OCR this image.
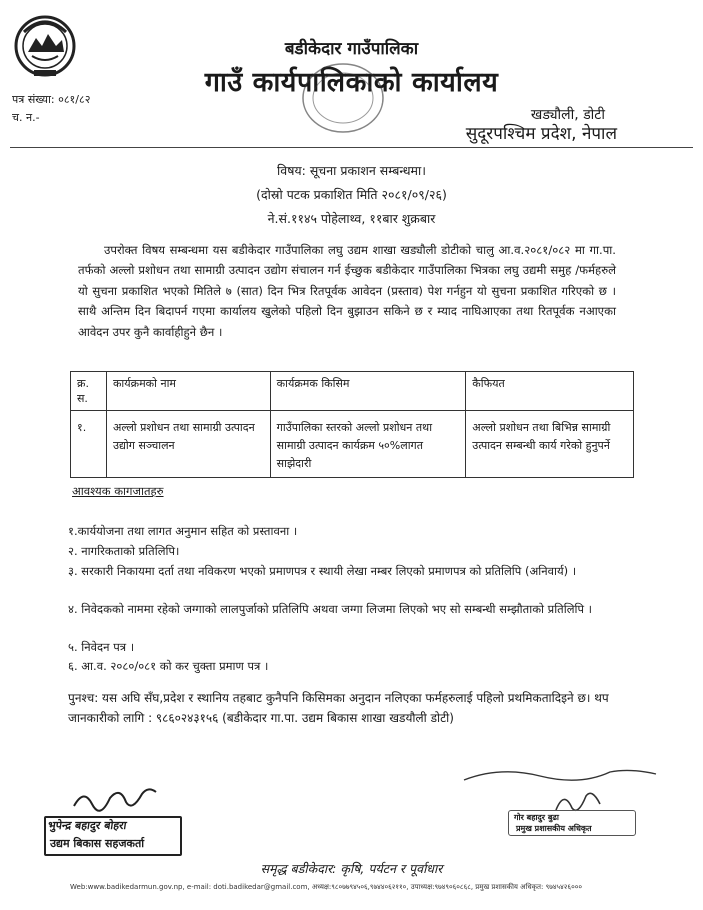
बडीकेदार गाउँपालिका
गाउँ कार्यपालिकाको कार्यालय
खड्यौली, डोटी
सुदूरपश्चिम प्रदेश, नेपाल
पत्र संख्या: ०८१/८२
च. न.-
विषय: सूचना प्रकाशन सम्बन्धमा।
(दोस्रो पटक प्रकाशित मिति २०८१/०९/२६)
ने.सं.११४५ पोहेलाथ्व, ११बार शुक्रबार
उपरोक्त विषय सम्बन्धमा यस बडीकेदार गाउँपालिका लघु उद्यम शाखा खड्यौली डोटीको चालु आ.व.२०८१/०८२ मा गा.पा. तर्फको अल्लो प्रशोधन तथा सामाग्री उत्पादन उद्योग संचालन गर्न ईच्छुक बडीकेदार गाउँपालिका भित्रका लघु उद्यमी समुह /फर्महरुले यो सुचना प्रकाशित भएको मितिले ७ (सात) दिन भित्र रितपूर्वक आवेदन (प्रस्ताव) पेश गर्नहुन यो सुचना प्रकाशित गरिएको छ । साथै अन्तिम दिन बिदापर्न गएमा कार्यालय खुलेको पहिलो दिन बुझाउन सकिने छ र म्याद नाघिआएका तथा रितपूर्वक नआएका आवेदन उपर कुनै कार्वाहीहुने छैन ।
क्र. स.	कार्यक्रमको नाम	कार्यक्रमक किसिम	कैफियत
१.	अल्लो प्रशोधन तथा सामाग्री उत्पादन उद्योग सञ्चालन	गाउँपालिका स्तरको अल्लो प्रशोधन तथा सामाग्री उत्पादन कार्यक्रम ५०%लागत साझेदारी	अल्लो प्रशोधन तथा बिभिन्न सामाग्री उत्पादन सम्बन्धी कार्य गरेको हुनुपर्ने
आवश्यक कागजातहरु
१.कार्ययोजना तथा लागत अनुमान सहित को प्रस्तावना ।
२. नागरिकताको प्रतिलिपि।
३. सरकारी निकायमा दर्ता तथा नविकरण भएको प्रमाणपत्र र स्थायी लेखा नम्बर लिएको प्रमाणपत्र को प्रतिलिपि (अनिवार्य) ।
४. निवेदकको नाममा रहेको जग्गाको लालपुर्जाको प्रतिलिपि अथवा जग्गा लिजमा लिएको भए सो सम्बन्धी सम्झौताको प्रतिलिपि ।
५. निवेदन पत्र ।
६. आ.व. २०८०/०८१ को कर चुक्ता प्रमाण पत्र ।
पुनश्च: यस अघि सँघ,प्रदेश र स्थानिय तहबाट कुनैपनि किसिमका अनुदान नलिएका फर्महरुलाई पहिलो प्रथमिकतादिइने छ। थप जानकारीको लागि : ९८६०२४३१५६ (बडीकेदार गा.पा. उद्यम बिकास शाखा खडयौली डोटी)
भुपेन्द्र बहादुर बोहरा
उद्यम बिकास सहजकर्ता
गोर बहादुर बुढा
प्रमुख प्रशासकीय अधिकृत
समृद्ध बडीकेदार: कृषि, पर्यटन र पूर्वाधार
Web:www.badikedarmun.gov.np, e-mail: doti.badikedar@gmail.com, अध्यक्ष:९८०७७९४५०६,९७४४०६२११०, उपाध्यक्ष:९७४९०६०८६८, प्रमुख प्रशासकीय अधिकृत: ९७४५४२६०००
